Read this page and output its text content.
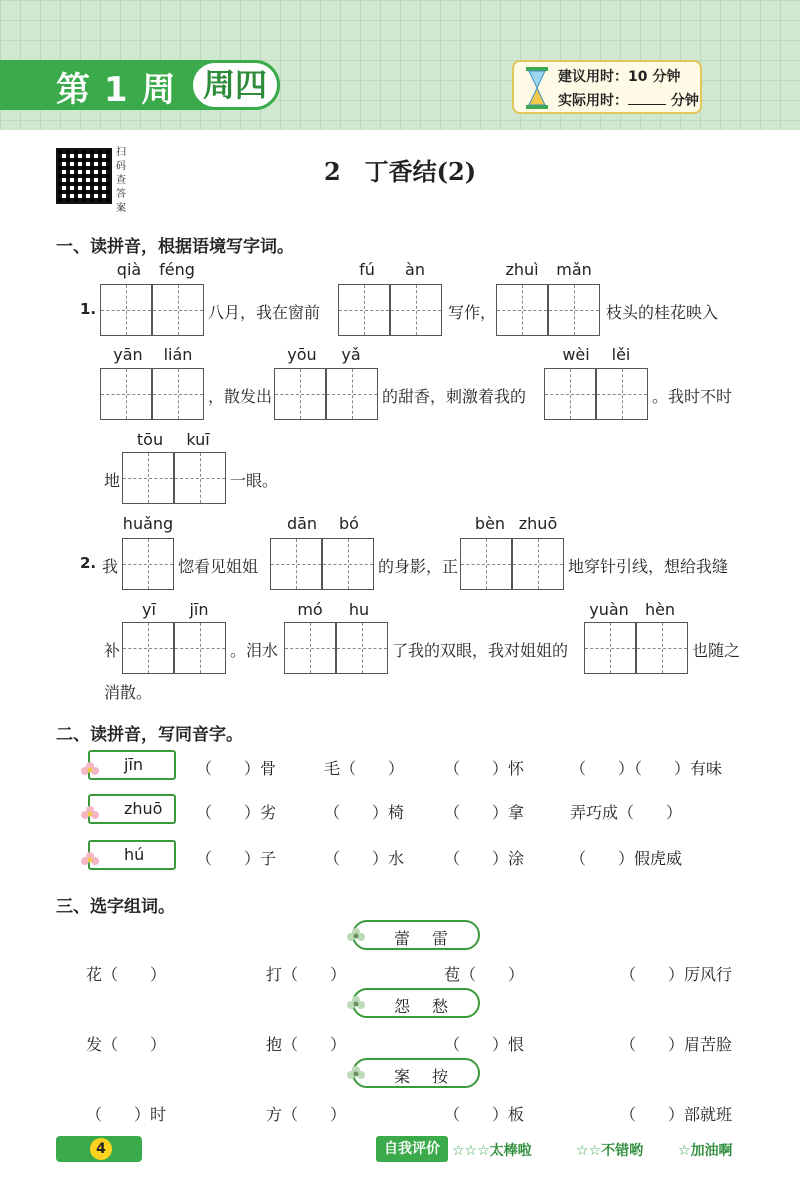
第 1 周 周四	建议用时：10 分钟
实际用时：	分钟
扫码查答案
2　丁香结(2)
一、读拼音，根据语境写字词。
qià	féng
1.	八月，我在窗前
fú	àn
写作，
zhuì mǎn
枝头的桂花映入
yān	lián
，散发出
yōu	yǎ
的甜香，刺激着我的
wèi	lěi
。我时不时
tōu	kuī
地	一眼。
huǎng
2. 我	惚看见姐姐
dān	bó
的身影，正
bèn zhuō
地穿针引线，想给我缝
yī	jīn
补	。泪水
mó	hu
了我的双眼，我对姐姐的
yuàn	hèn
也随之
消散。
二、读拼音，写同音字。
jīn	（　　）骨	毛（　　） （　　）怀	（　　）（　　）有味
zhuō （　　）劣	（　　）椅 （　　）拿	弄巧成（　　）
hú	（　　）子	（　　）水 （　　）涂	（　　）假虎威
三、选字组词。
蕾　雷
花（　　）	打（　　）	苞（　　）	（　　）厉风行
怨　愁
发（　　）	抱（　　）	（　　）恨	（　　）眉苦脸
案　按
（　　）时	方（　　）	（　　）板	（　　）部就班
4	自我评价 ☆☆☆太棒啦	☆☆不错哟 ☆加油啊
